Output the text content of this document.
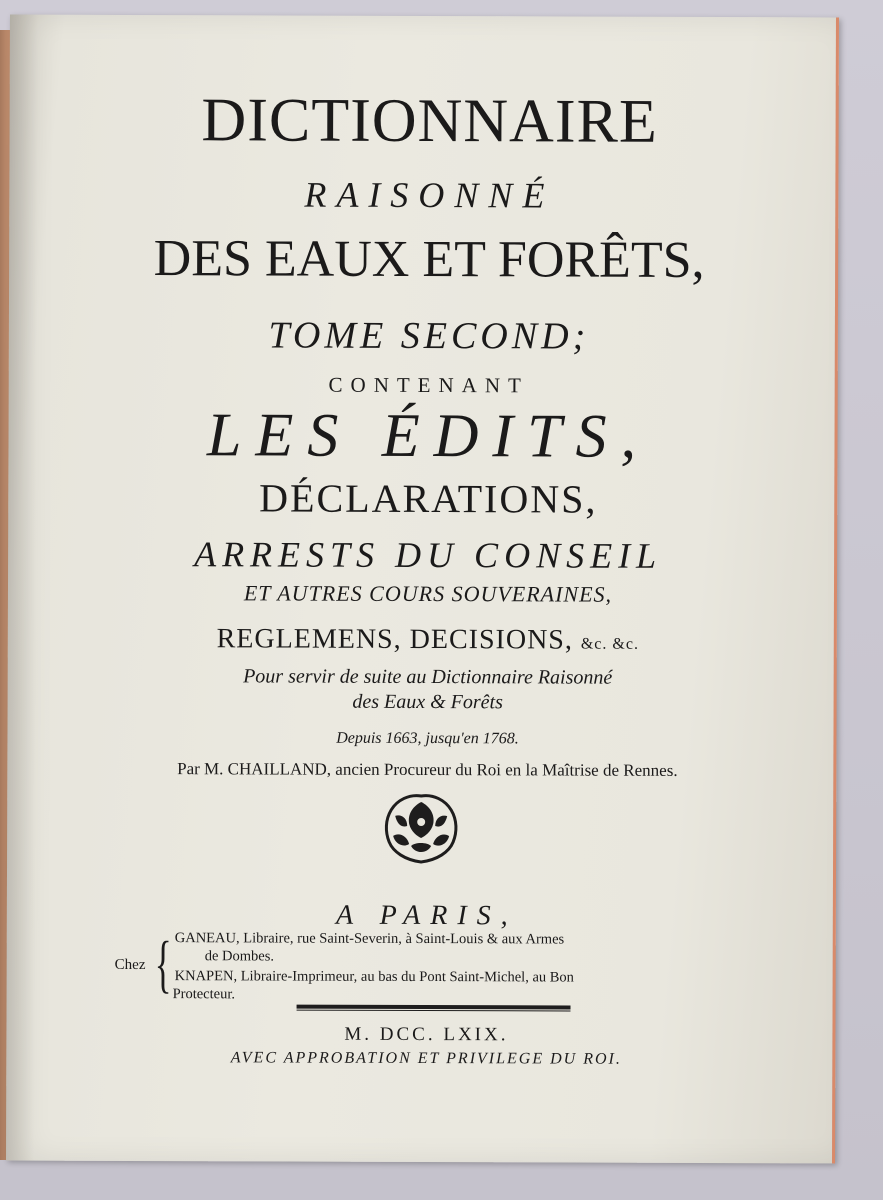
DICTIONNAIRE
RAISONNÉ
DES EAUX ET FORÊTS,
TOME SECOND;
CONTENANT
LES ÉDITS,
DÉCLARATIONS,
ARRESTS DU CONSEIL
ET AUTRES COURS SOUVERAINES,
REGLEMENS, DECISIONS, &c. &c.
Pour servir de suite au Dictionnaire Raisonné
des Eaux & Forêts
Depuis 1663, jusqu'en 1768.
Par M. CHAILLAND, ancien Procureur du Roi en la Maîtrise de Rennes.
A PARIS,
Chez { GANEAU, Libraire, rue Saint-Severin, à Saint-Louis & aux Armes
de Dombes.
KNAPEN, Libraire-Imprimeur, au bas du Pont Saint-Michel, au Bon
Protecteur.
M. DCC. LXIX.
AVEC APPROBATION ET PRIVILEGE DU ROI.
